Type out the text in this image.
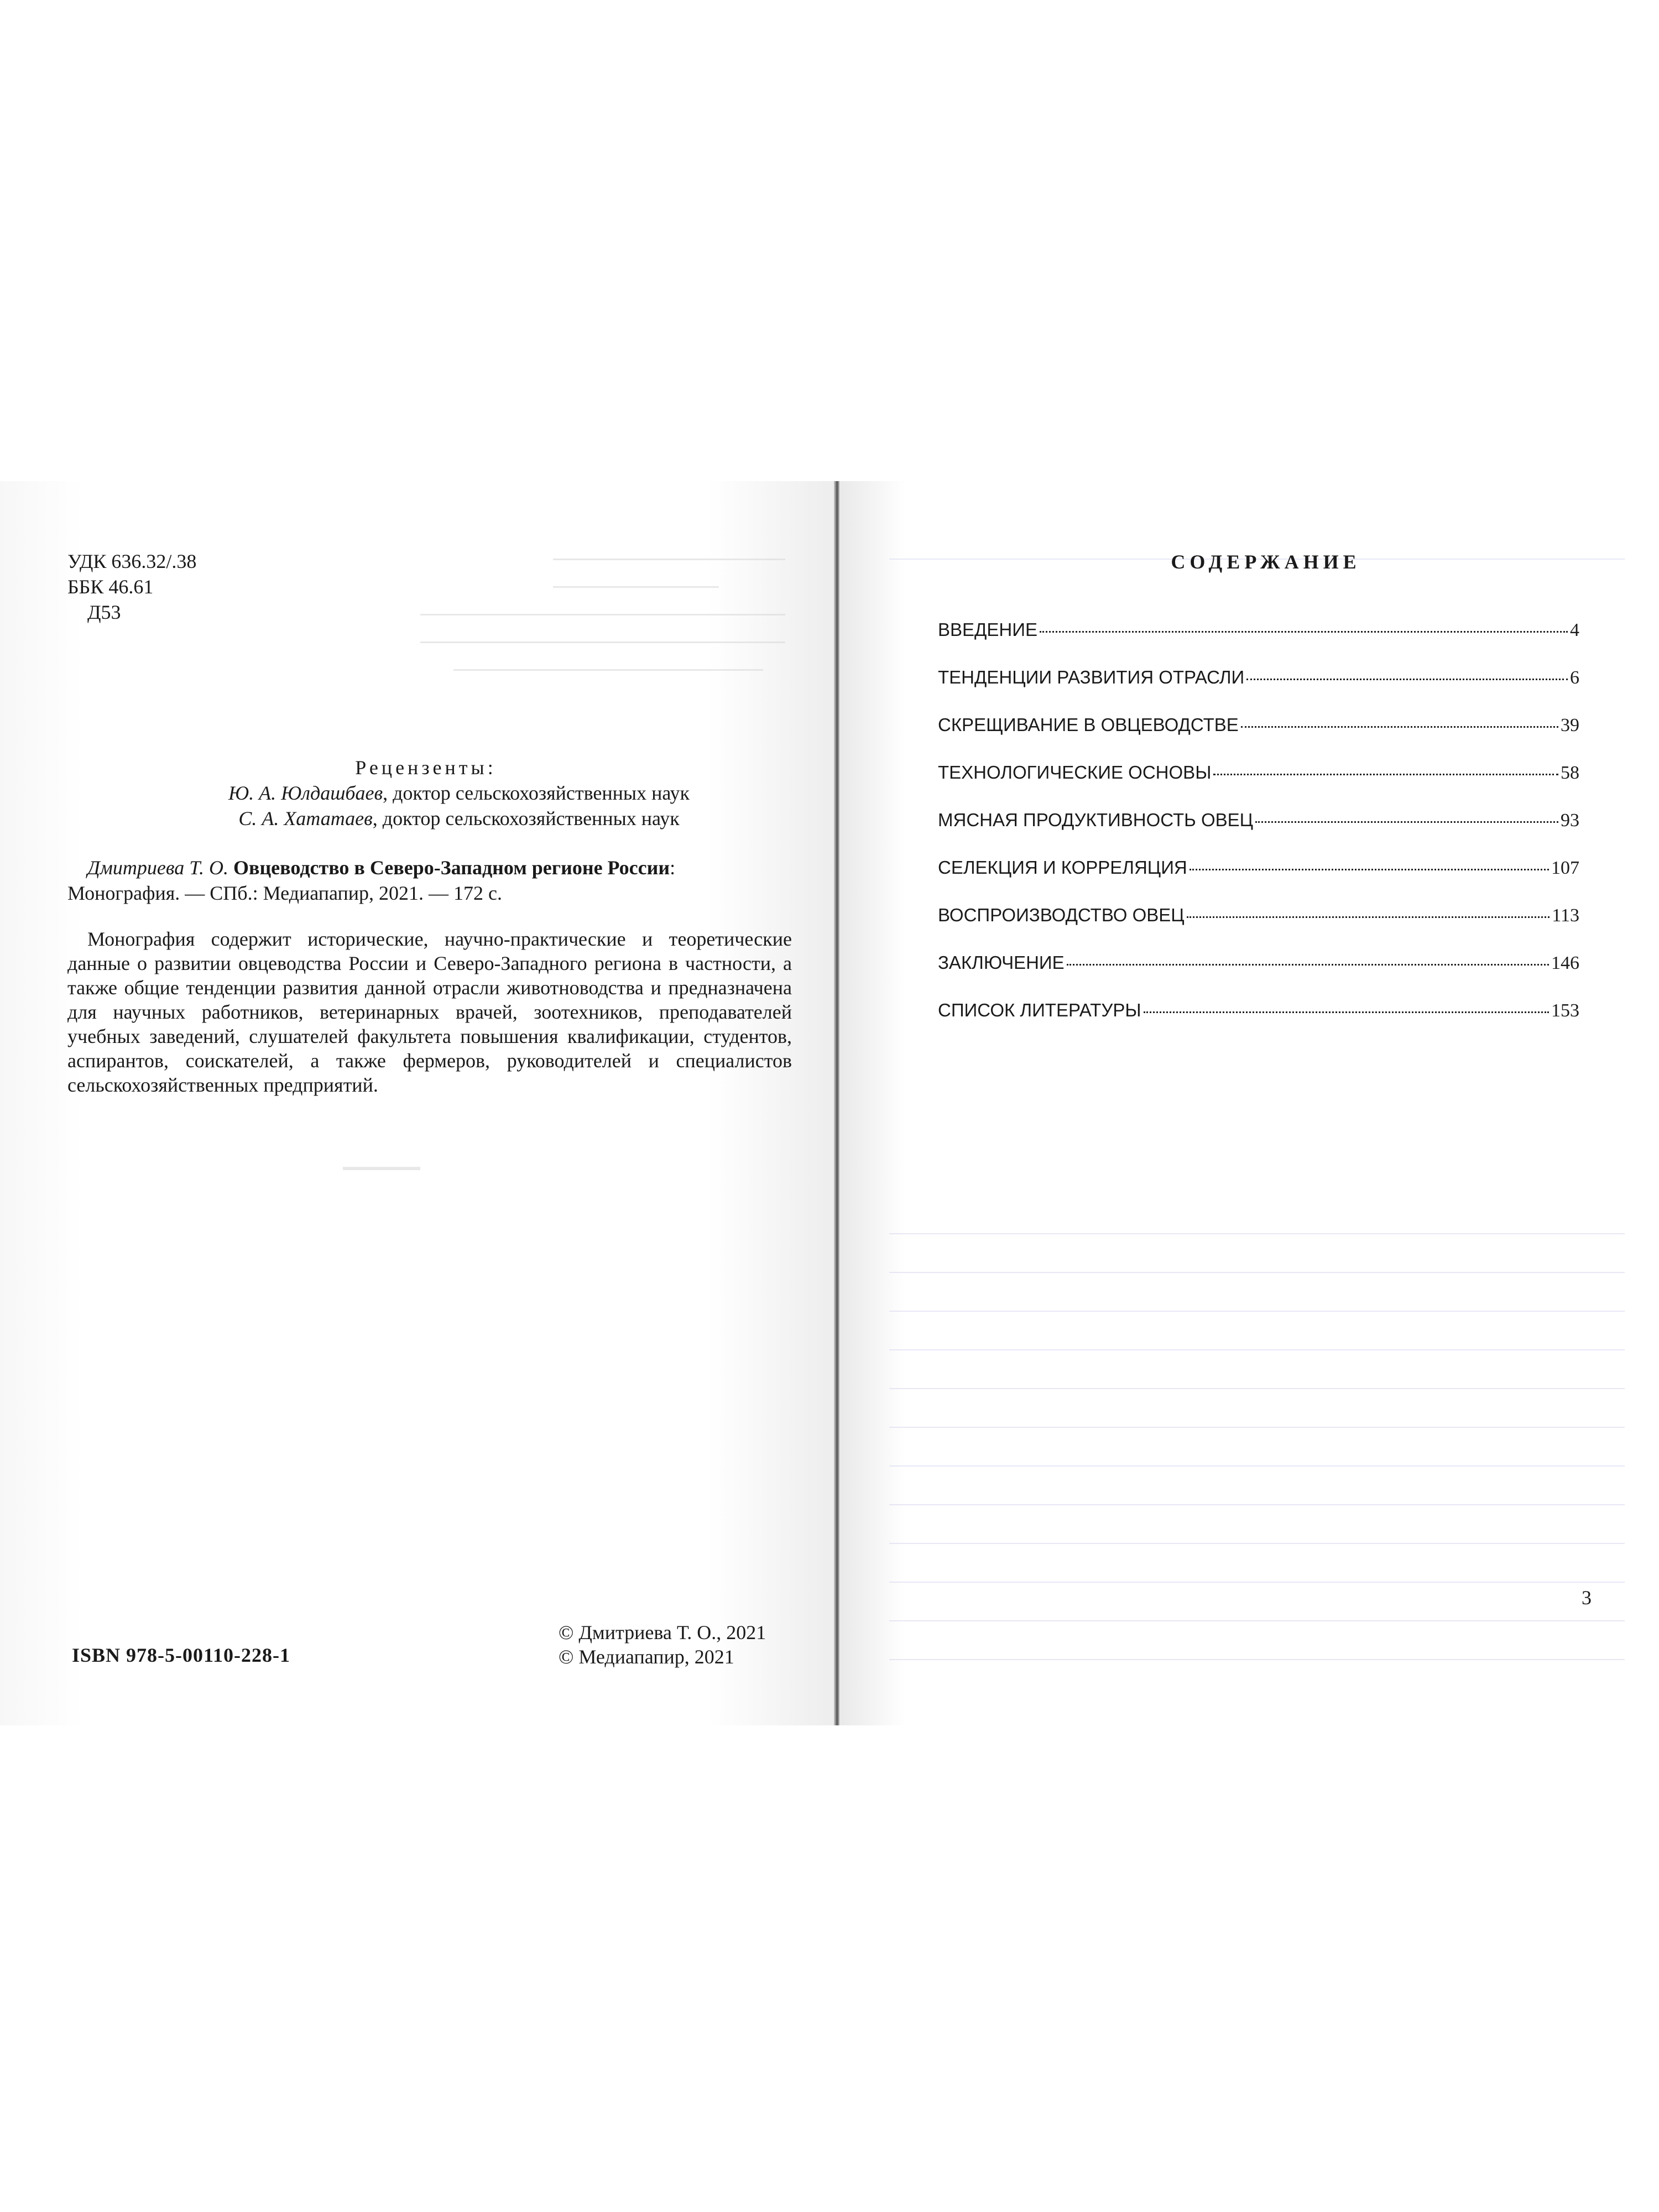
УДК 636.32/.38
ББК 46.61
Д53
Рецензенты:
Ю. А. Юлдашбаев, доктор сельскохозяйственных наук
С. А. Хататаев, доктор сельскохозяйственных наук
Дмитриева Т. О. Овцеводство в Северо-Западном регионе России:
Монография. — СПб.: Медиапапир, 2021. — 172 с.
Монография содержит исторические, научно-практические и теоретические данные о развитии овцеводства России и Северо-Западного региона в частности, а также общие тенденции развития данной отрасли животноводства и предназначена для научных работников, ветеринарных врачей, зоотехников, преподавателей учебных заведений, слушателей факультета повышения квалификации, студентов, аспирантов, соискателей, а также фермеров, руководителей и специалистов сельскохозяйственных предприятий.
ISBN 978-5-00110-228-1
© Дмитриева Т. О., 2021
© Медиапапир, 2021
СОДЕРЖАНИЕ
ВВЕДЕНИЕ	4
ТЕНДЕНЦИИ РАЗВИТИЯ ОТРАСЛИ	6
СКРЕЩИВАНИЕ В ОВЦЕВОДСТВЕ	39
ТЕХНОЛОГИЧЕСКИЕ ОСНОВЫ	58
МЯСНАЯ ПРОДУКТИВНОСТЬ ОВЕЦ	93
СЕЛЕКЦИЯ И КОРРЕЛЯЦИЯ	107
ВОСПРОИЗВОДСТВО ОВЕЦ	113
ЗАКЛЮЧЕНИЕ	146
СПИСОК ЛИТЕРАТУРЫ	153
3
